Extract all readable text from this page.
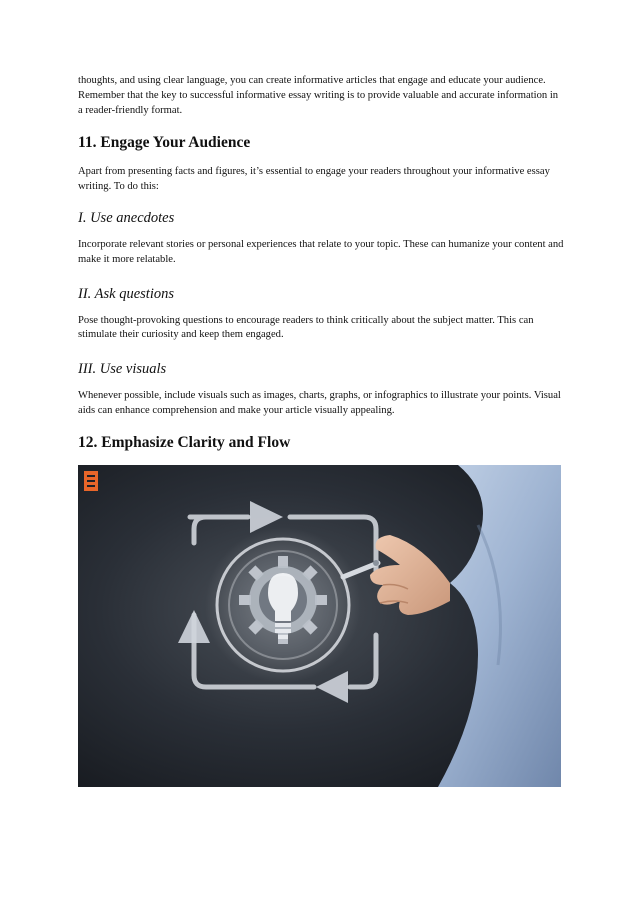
thoughts, and using clear language, you can create informative articles that engage and educate your audience. Remember that the key to successful informative essay writing is to provide valuable and accurate information in a reader-friendly format.

11. Engage Your Audience

Apart from presenting facts and figures, it’s essential to engage your readers throughout your informative essay writing. To do this:

I. Use anecdotes

Incorporate relevant stories or personal experiences that relate to your topic. These can humanize your content and make it more relatable.

II. Ask questions

Pose thought-provoking questions to encourage readers to think critically about the subject matter. This can stimulate their curiosity and keep them engaged.

III. Use visuals

Whenever possible, include visuals such as images, charts, graphs, or infographics to illustrate your points. Visual aids can enhance comprehension and make your article visually appealing.

12. Emphasize Clarity and Flow
